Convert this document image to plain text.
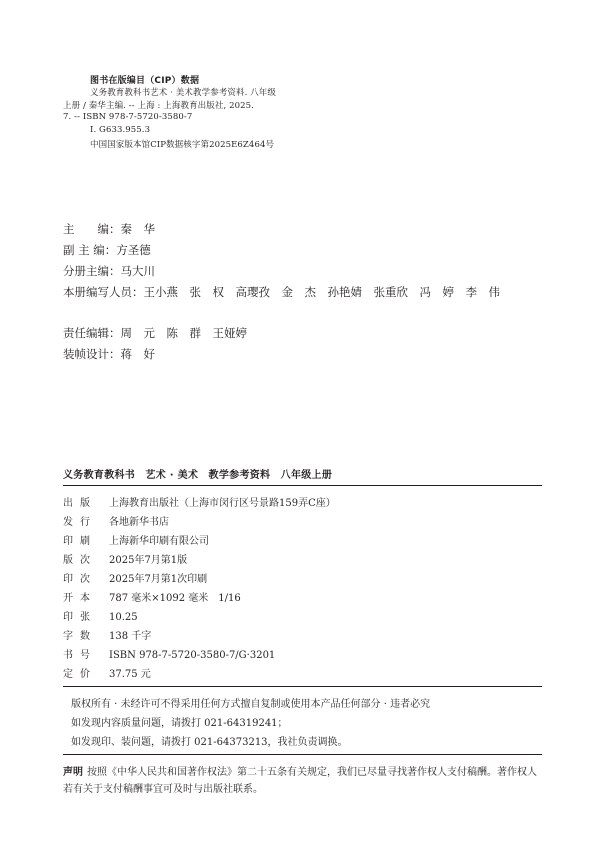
图书在版编目（CIP）数据
义务教育教科书艺术 · 美术教学参考资料. 八年级
上册 / 秦华主编. -- 上海 : 上海教育出版社, 2025.
7. -- ISBN 978-7-5720-3580-7
Ⅰ. G633.955.3
中国国家版本馆CIP数据核字第2025E6Z464号
主　　编：秦　华
副 主 编：方圣德
分册主编：马大川
本册编写人员：王小燕　张　权　高璎孜　金　杰　孙艳婧　张重欣　冯　婷　李　伟
责任编辑：周　元　陈　群　王娅婷
装帧设计：蒋　好
义务教育教科书　艺术 · 美术　教学参考资料　八年级上册
出版 上海教育出版社（上海市闵行区号景路159弄C座）
发行 各地新华书店
印刷 上海新华印刷有限公司
版次 2025年7月第1版
印次 2025年7月第1次印刷
开本 787 毫米×1092 毫米　1/16
印张 10.25
字数 138 千字
书号 ISBN 978-7-5720-3580-7/G·3201
定价 37.75 元
版权所有 · 未经许可不得采用任何方式擅自复制或使用本产品任何部分 · 违者必究
如发现内容质量问题，请拨打 021-64319241；
如发现印、装问题，请拨打 021-64373213，我社负责调换。
声明 按照《中华人民共和国著作权法》第二十五条有关规定，我们已尽量寻找著作权人支付稿酬。著作权人若有关于支付稿酬事宜可及时与出版社联系。
